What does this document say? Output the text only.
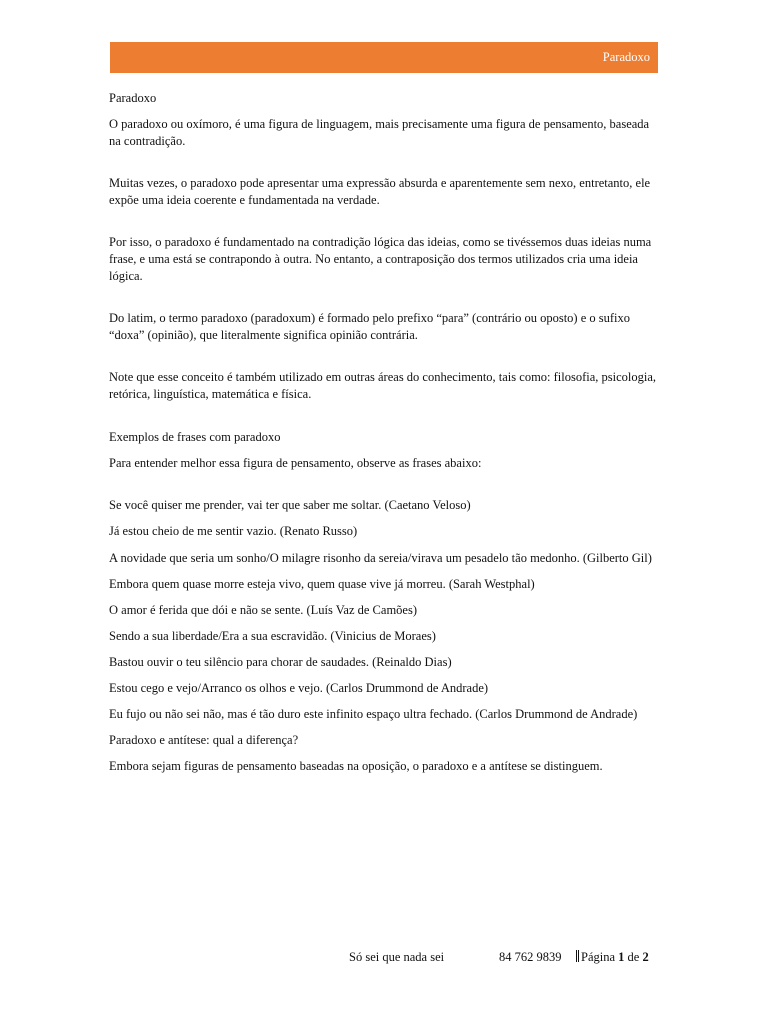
Paradoxo

Paradoxo

O paradoxo ou oxímoro, é uma figura de linguagem, mais precisamente uma figura de pensamento, baseada na contradição.

Muitas vezes, o paradoxo pode apresentar uma expressão absurda e aparentemente sem nexo, entretanto, ele expõe uma ideia coerente e fundamentada na verdade.

Por isso, o paradoxo é fundamentado na contradição lógica das ideias, como se tivéssemos duas ideias numa frase, e uma está se contrapondo à outra. No entanto, a contraposição dos termos utilizados cria uma ideia lógica.

Do latim, o termo paradoxo (paradoxum) é formado pelo prefixo “para” (contrário ou oposto) e o sufixo “doxa” (opinião), que literalmente significa opinião contrária.

Note que esse conceito é também utilizado em outras áreas do conhecimento, tais como: filosofia, psicologia, retórica, linguística, matemática e física.

Exemplos de frases com paradoxo

Para entender melhor essa figura de pensamento, observe as frases abaixo:

Se você quiser me prender, vai ter que saber me soltar. (Caetano Veloso)

Já estou cheio de me sentir vazio. (Renato Russo)

A novidade que seria um sonho/O milagre risonho da sereia/virava um pesadelo tão medonho. (Gilberto Gil)

Embora quem quase morre esteja vivo, quem quase vive já morreu. (Sarah Westphal)

O amor é ferida que dói e não se sente. (Luís Vaz de Camões)

Sendo a sua liberdade/Era a sua escravidão. (Vinicius de Moraes)

Bastou ouvir o teu silêncio para chorar de saudades. (Reinaldo Dias)

Estou cego e vejo/Arranco os olhos e vejo. (Carlos Drummond de Andrade)

Eu fujo ou não sei não, mas é tão duro este infinito espaço ultra fechado. (Carlos Drummond de Andrade)

Paradoxo e antítese: qual a diferença?

Embora sejam figuras de pensamento baseadas na oposição, o paradoxo e a antítese se distinguem.

Só sei que nada sei	84 762 9839	Página 1 de 2
